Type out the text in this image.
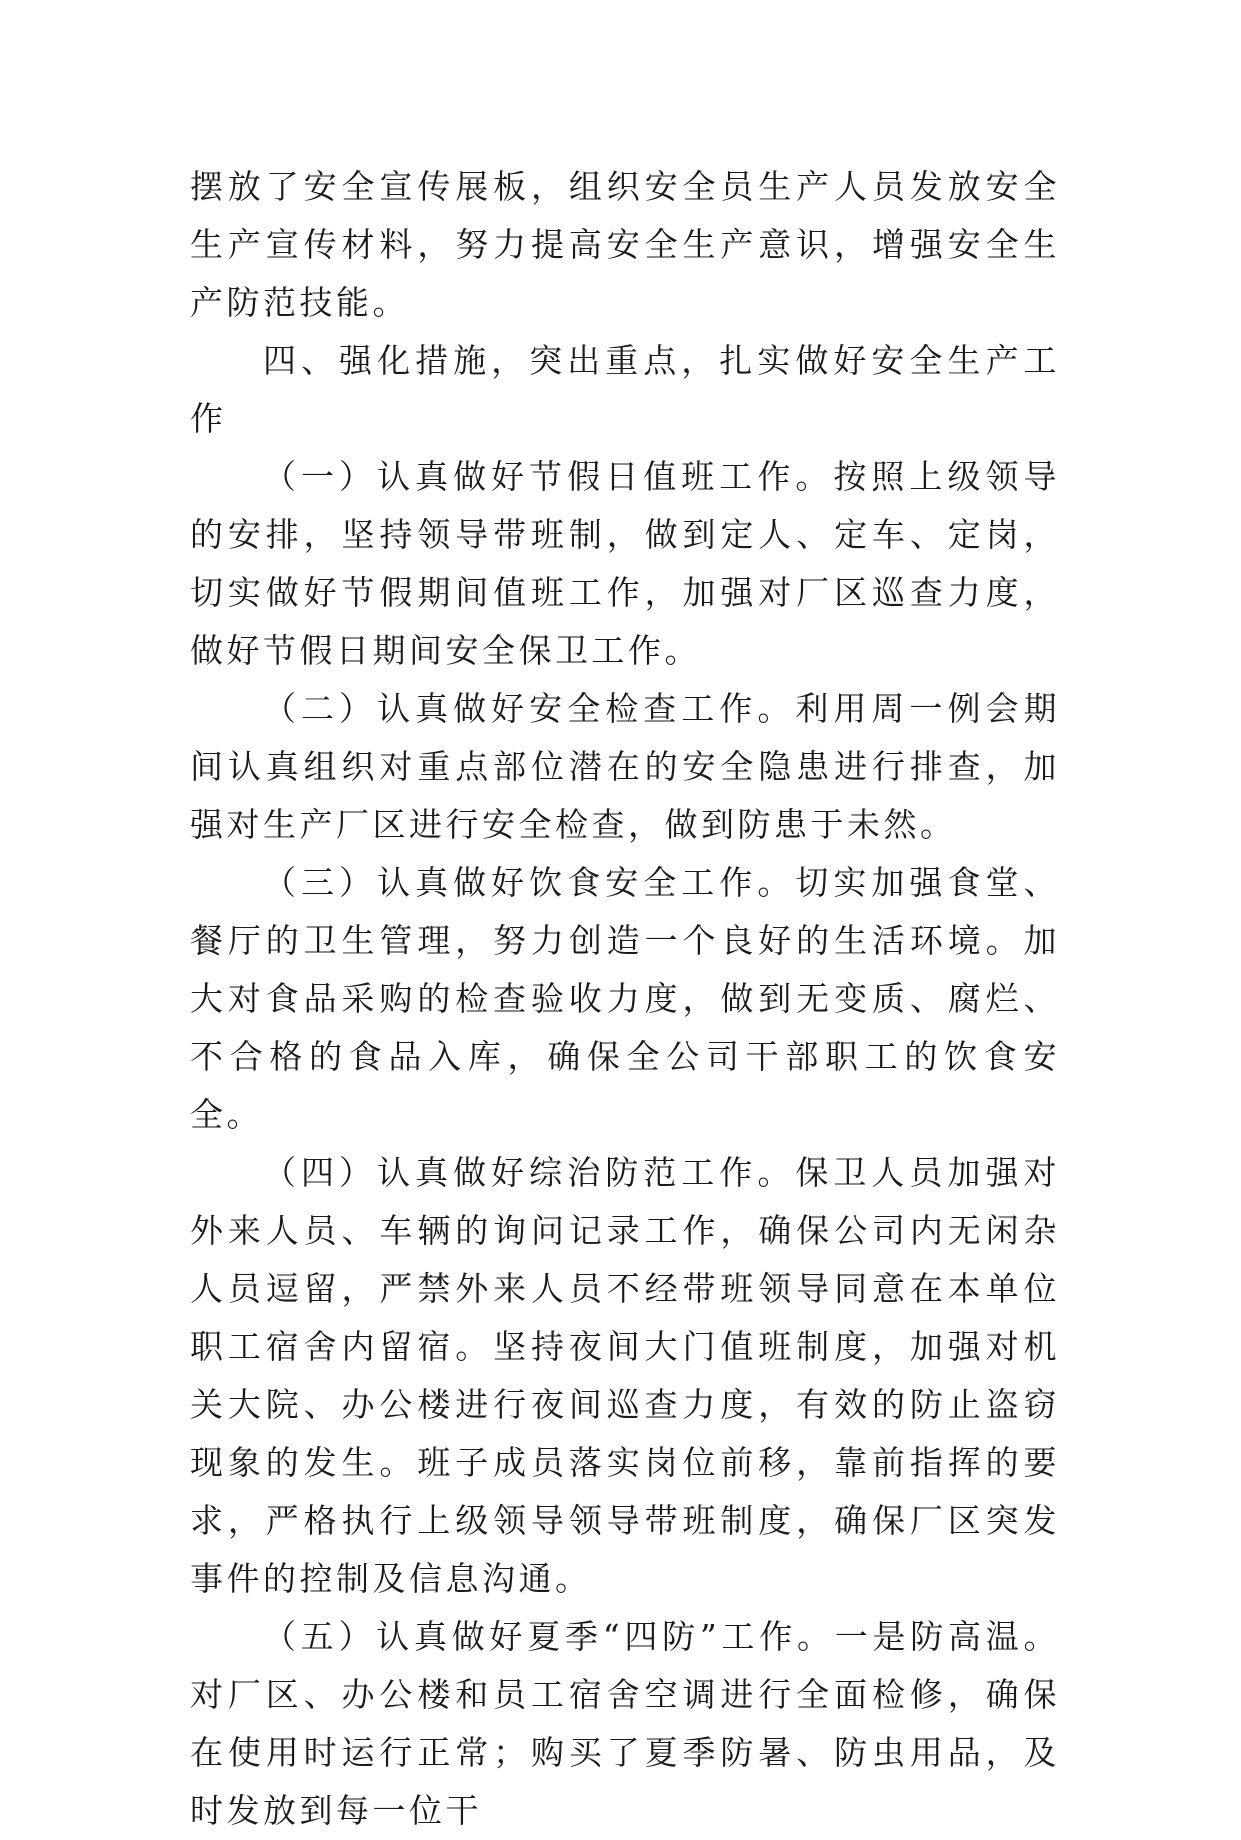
摆放了安全宣传展板，组织安全员生产人员发放安全生产宣传材料，努力提高安全生产意识，增强安全生产防范技能。

四、强化措施，突出重点，扎实做好安全生产工作

（一）认真做好节假日值班工作。按照上级领导的安排，坚持领导带班制，做到定人、定车、定岗，切实做好节假期间值班工作，加强对厂区巡查力度，做好节假日期间安全保卫工作。

（二）认真做好安全检查工作。利用周一例会期间认真组织对重点部位潜在的安全隐患进行排查，加强对生产厂区进行安全检查，做到防患于未然。

（三）认真做好饮食安全工作。切实加强食堂、餐厅的卫生管理，努力创造一个良好的生活环境。加大对食品采购的检查验收力度，做到无变质、腐烂、不合格的食品入库，确保全公司干部职工的饮食安全。

（四）认真做好综治防范工作。保卫人员加强对外来人员、车辆的询问记录工作，确保公司内无闲杂人员逗留，严禁外来人员不经带班领导同意在本单位职工宿舍内留宿。坚持夜间大门值班制度，加强对机关大院、办公楼进行夜间巡查力度，有效的防止盗窃现象的发生。班子成员落实岗位前移，靠前指挥的要求，严格执行上级领导领导带班制度，确保厂区突发事件的控制及信息沟通。

（五）认真做好夏季“四防”工作。一是防高温。对厂区、办公楼和员工宿舍空调进行全面检修，确保在使用时运行正常；购买了夏季防暑、防虫用品，及时发放到每一位干
